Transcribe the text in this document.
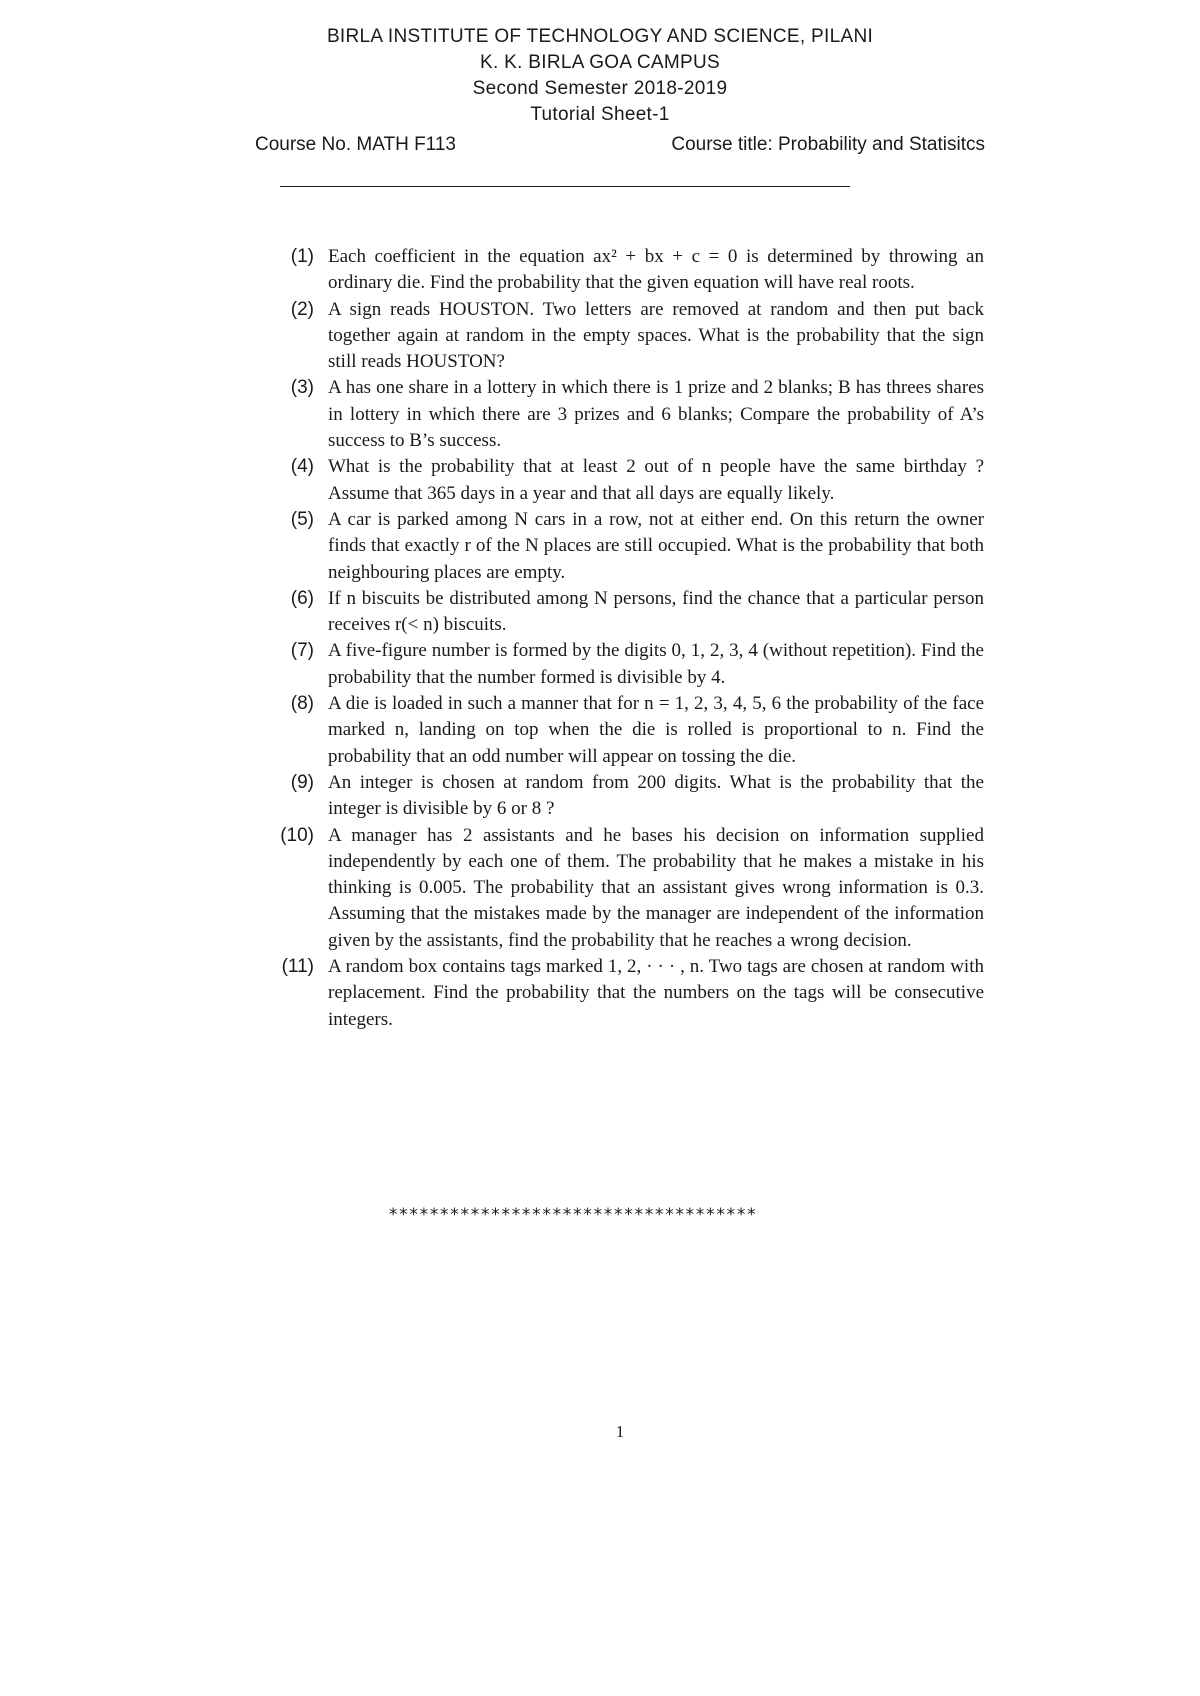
BIRLA INSTITUTE OF TECHNOLOGY AND SCIENCE, PILANI
K. K. BIRLA GOA CAMPUS
Second Semester 2018-2019
Tutorial Sheet-1
Course No. MATH F113	Course title: Probability and Statisitcs
(1) Each coefficient in the equation ax² + bx + c = 0 is determined by throwing an ordinary die. Find the probability that the given equation will have real roots.
(2) A sign reads HOUSTON. Two letters are removed at random and then put back together again at random in the empty spaces. What is the probability that the sign still reads HOUSTON?
(3) A has one share in a lottery in which there is 1 prize and 2 blanks; B has threes shares in lottery in which there are 3 prizes and 6 blanks; Compare the probability of A’s success to B’s success.
(4) What is the probability that at least 2 out of n people have the same birthday ? Assume that 365 days in a year and that all days are equally likely.
(5) A car is parked among N cars in a row, not at either end. On this return the owner finds that exactly r of the N places are still occupied. What is the probability that both neighbouring places are empty.
(6) If n biscuits be distributed among N persons, find the chance that a particular person receives r(< n) biscuits.
(7) A five-figure number is formed by the digits 0, 1, 2, 3, 4 (without repetition). Find the probability that the number formed is divisible by 4.
(8) A die is loaded in such a manner that for n = 1, 2, 3, 4, 5, 6 the probability of the face marked n, landing on top when the die is rolled is proportional to n. Find the probability that an odd number will appear on tossing the die.
(9) An integer is chosen at random from 200 digits. What is the probability that the integer is divisible by 6 or 8 ?
(10) A manager has 2 assistants and he bases his decision on information supplied independently by each one of them. The probability that he makes a mistake in his thinking is 0.005. The probability that an assistant gives wrong information is 0.3. Assuming that the mistakes made by the manager are independent of the information given by the assistants, find the probability that he reaches a wrong decision.
(11) A random box contains tags marked 1, 2, · · · , n. Two tags are chosen at random with replacement. Find the probability that the numbers on the tags will be consecutive integers.
************************************
1
